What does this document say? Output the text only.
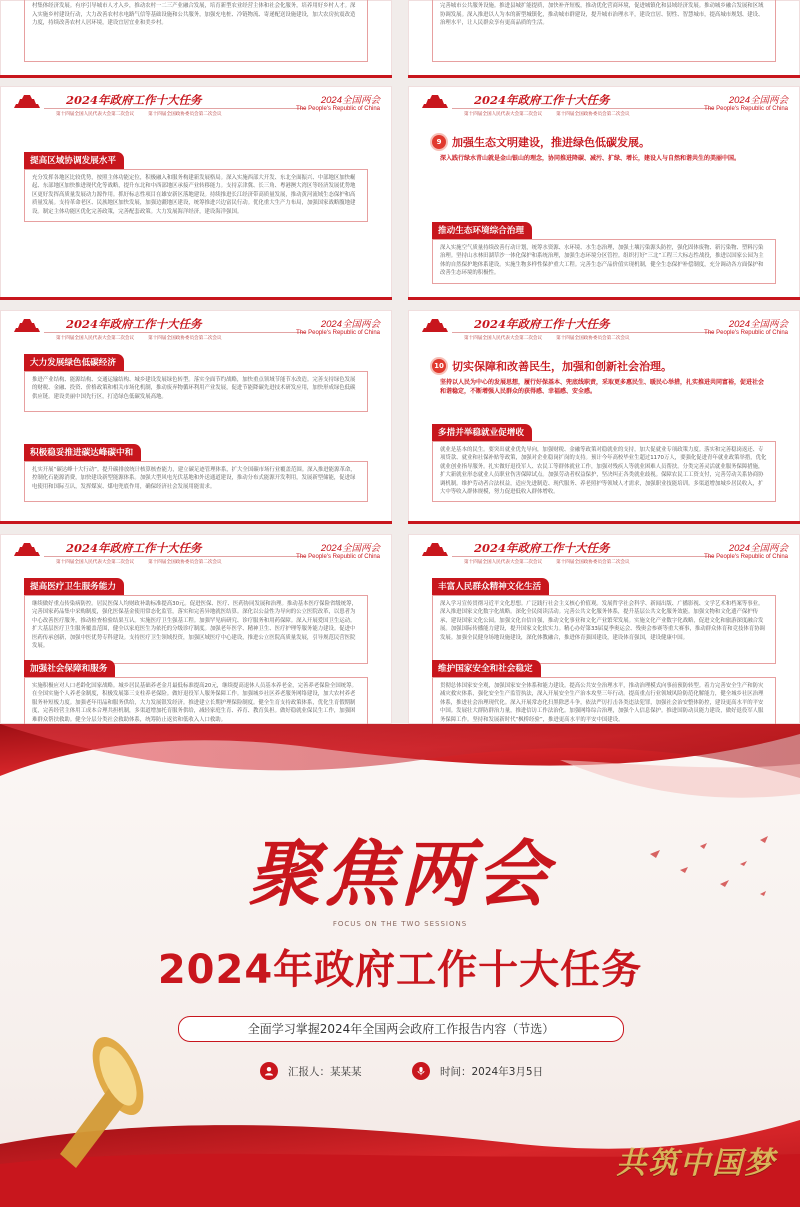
村集体经济发展。有序引导城市人才入乡，推动农村一二三产业融合发展，培育新型农业经营主体和社会化服务，培养用好乡村人才。深入实施乡村建设行动，大力改善农村水电路气信等基础设施和公共服务，加强充电桩、冷链物流、寄递配送设施建设，加大农房抗震改造力度，持续改善农村人居环境，建设宜居宜业和美乡村。
完善城市公共服务设施。推进县城扩能提质，加快补齐短板，推动优化营商环境，促进城镇化和县域经济发展。推动城乡融合发展和区域协调发展。深入推进以人为本的新型城镇化，推动城市群建设，提升城市治理水平，建设宜居、韧性、智慧城市，提高城市规划、建设、治理水平，让人民群众享有更高品质的生活。
2024年政府工作十大任务
第十四届全国人民代表大会第二次会议	第十四届全国政协委员会第二次会议
2024全国两会
The People's Republic of China
提高区域协调发展水平
充分发挥各地区比较优势，按照主体功能定位，积极融入和服务构建新发展格局。深入实施西部大开发、东北全面振兴、中部地区加快崛起、东部地区加快推进现代化等战略，提升东北和中西部地区承接产业转移能力。支持京津冀、长三角、粤港澳大湾区等经济发展优势地区更好发挥高质量发展动力源作用。抓好标志性项目在雄安新区落地建设。持续推进长江经济带高质量发展，推动黄河流域生态保护和高质量发展。支持革命老区、民族地区加快发展，加强边疆地区建设，统筹推进兴边富民行动。优化重大生产力布局，加强国家战略腹地建设。制定主体功能区优化完善政策，完善配套政策。大力发展海洋经济，建设海洋强国。
2024年政府工作十大任务
第十四届全国人民代表大会第二次会议	第十四届全国政协委员会第二次会议
2024全国两会
The People's Republic of China
9 加强生态文明建设，推进绿色低碳发展。
深入践行绿水青山就是金山银山的理念，协同推进降碳、减污、扩绿、增长，建设人与自然和谐共生的美丽中国。
推动生态环境综合治理
深入实施空气质量持续改善行动计划，统筹水资源、水环境、水生态治理，加强土壤污染源头防控，强化固体废物、新污染物、塑料污染治理。坚持山水林田湖草沙一体化保护和系统治理，加强生态环境分区管控。组织打好“三北”工程三大标志性战役，推进以国家公园为主体的自然保护地体系建设。实施生物多样性保护重大工程。完善生态产品价值实现机制，健全生态保护补偿制度，充分调动各方面保护和改善生态环境的积极性。
2024年政府工作十大任务
第十四届全国人民代表大会第二次会议	第十四届全国政协委员会第二次会议
2024全国两会
The People's Republic of China
大力发展绿色低碳经济
推进产业结构、能源结构、交通运输结构、城乡建设发展绿色转型。落实全面节约战略，加快重点领域节能节水改造。完善支持绿色发展的财税、金融、投资、价格政策和相关市场化机制，推动废弃物循环利用产业发展，促进节能降碳先进技术研发应用，加快形成绿色低碳供应链。建设美丽中国先行区，打造绿色低碳发展高地。
积极稳妥推进碳达峰碳中和
扎实开展“碳达峰十大行动”。提升碳排放统计核算核查能力，建立碳足迹管理体系，扩大全国碳市场行业覆盖范围。深入推进能源革命，控制化石能源消费，加快建设新型能源体系。加强大型风电光伏基地和外送通道建设，推动分布式能源开发利用，发展新型储能，促进绿电使用和国际互认，发挥煤炭、煤电兜底作用，确保经济社会发展用能需求。
2024年政府工作十大任务
第十四届全国人民代表大会第二次会议	第十四届全国政协委员会第二次会议
2024全国两会
The People's Republic of China
10 切实保障和改善民生，加强和创新社会治理。
坚持以人民为中心的发展思想，履行好保基本、兜底线职责，采取更多惠民生、暖民心举措，扎实推进共同富裕，促进社会和谐稳定，不断增强人民群众的获得感、幸福感、安全感。
多措并举稳就业促增收
就业是基本的民生。要突出就业优先导向，加强财税、金融等政策对稳就业的支持，加大促就业专项政策力度。落实和完善稳岗返还、专项贷款、就业和社保补贴等政策，加强对企业稳岗扩岗的支持。预计今年高校毕业生超过1170万人，要强化促进青年就业政策举措，优化就业创业指导服务。扎实做好退役军人、农民工等群体就业工作，加强对残疾人等就业困难人员帮扶。分类完善灵活就业服务保障措施，扩大新就业形态就业人员职业伤害保障试点。加强劳动者权益保护，坚决纠正各类就业歧视。保障农民工工资支付，完善劳动关系协商协调机制。维护劳动者合法权益，适应先进制造、现代服务、养老照护等领域人才需求，加强职业技能培训。多渠道增加城乡居民收入，扩大中等收入群体规模，努力促进低收入群体增收。
2024年政府工作十大任务
第十四届全国人民代表大会第二次会议	第十四届全国政协委员会第二次会议
2024全国两会
The People's Republic of China
提高医疗卫生服务能力
继续做好重点传染病防控。居民医保人均财政补助标准提高30元。促进医保、医疗、医药协同发展和治理。推动基本医疗保险省级统筹，完善国家药品集中采购制度，强化医保基金使用常态化监管，落实和完善异地就医结算。深化以公益性为导向的公立医院改革，以患者为中心改善医疗服务，推动检查检验结果互认。实施医疗卫生强基工程。加强罕见病研究、诊疗服务和用药保障。深入开展爱国卫生运动。扩大基层医疗卫生服务覆盖范围，健全以家庭医生为依托的分级诊疗制度。加强老年医学、精神卫生、医疗护理等服务能力建设。促进中医药传承创新，加强中医优势专科建设。支持医疗卫生领域投资，加强区域医疗中心建设，推进公立医院高质量发展，引导规范民营医院发展。
加强社会保障和服务
实施积极应对人口老龄化国家战略。城乡居民基础养老金月最低标准提高20元，继续提高退休人员基本养老金，完善养老保险全国统筹。在全国实施个人养老金制度，积极发展第三支柱养老保险。做好退役军人服务保障工作。加强城乡社区养老服务网络建设，加大农村养老服务补短板力度。加强老年用品和服务供给，大力发展银发经济。推进建立长期护理保险制度。健全生育支持政策体系，优化生育假期制度，完善经营主体用工成本合理共担机制，多渠道增加托育服务供给，减轻家庭生育、养育、教育负担。做好稳就业保民生工作，加强困难群众帮扶救助。健全分层分类社会救助体系，统筹防止返贫和低收入人口救助。
2024年政府工作十大任务
第十四届全国人民代表大会第二次会议	第十四届全国政协委员会第二次会议
2024全国两会
The People's Republic of China
丰富人民群众精神文化生活
深入学习宣传贯彻习近平文化思想。广泛践行社会主义核心价值观。发展哲学社会科学、新闻出版、广播影视、文学艺术和档案等事业。深入推进国家文化数字化战略。深化全民阅读活动。完善公共文化服务体系，提升基层公共文化服务效能。加强文物和文化遗产保护传承，建设国家文化公园。加强文化自信自强，推动文化事业和文化产业繁荣发展。实施文化产业数字化战略，促进文化和旅游深度融合发展。加强国际传播能力建设，提升国家文化软实力。精心办好第33届夏季奥运会、残奥会参赛等重大赛事，推动群众体育和竞技体育协调发展。加强全民健身场地设施建设，深化体教融合，推进体育强国建设，建设体育强国，建设健康中国。
维护国家安全和社会稳定
贯彻总体国家安全观，加强国家安全体系和能力建设。提高公共安全治理水平，推动治理模式向事前预防转型。着力完善安全生产和防灾减灾救灾体系，强化安全生产监管执法，深入开展安全生产治本攻坚三年行动。提高重点行业领域风险防范化解能力，健全城乡社区治理体系，推进社会治理现代化。深入开展常态化扫黑除恶斗争，依法严厉打击各类违法犯罪，加强社会治安整体防控，建设更高水平的平安中国。发展壮大群防群治力量，推进信访工作法治化。加强网络综合治理，加强个人信息保护。推进国防动员能力建设，做好退役军人服务保障工作。坚持和发展新时代“枫桥经验”，推进更高水平的平安中国建设。
聚焦两会
FOCUS ON THE TWO SESSIONS
2024年政府工作十大任务
全面学习掌握2024年全国两会政府工作报告内容（节选）
汇报人：某某某	时间：2024年3月5日
共筑中国梦
